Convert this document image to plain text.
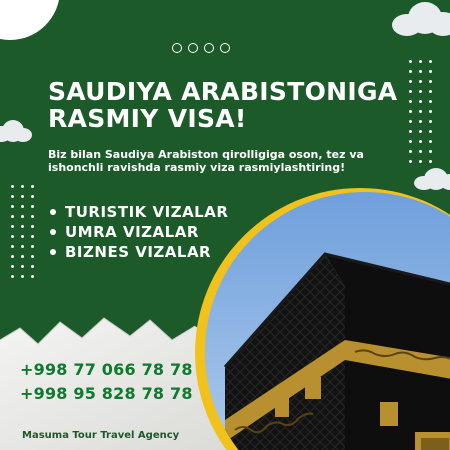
SAUDIYA ARABISTONIGA
RASMIY VISA!

Biz bilan Saudiya Arabiston qirolligiga oson, tez va ishonchli ravishda rasmiy viza rasmiylashtiring!

TURISTIK VIZALAR
UMRA VIZALAR
BIZNES VIZALAR
+998 77 066 78 78
+998 95 828 78 78
Masuma Tour Travel Agency
